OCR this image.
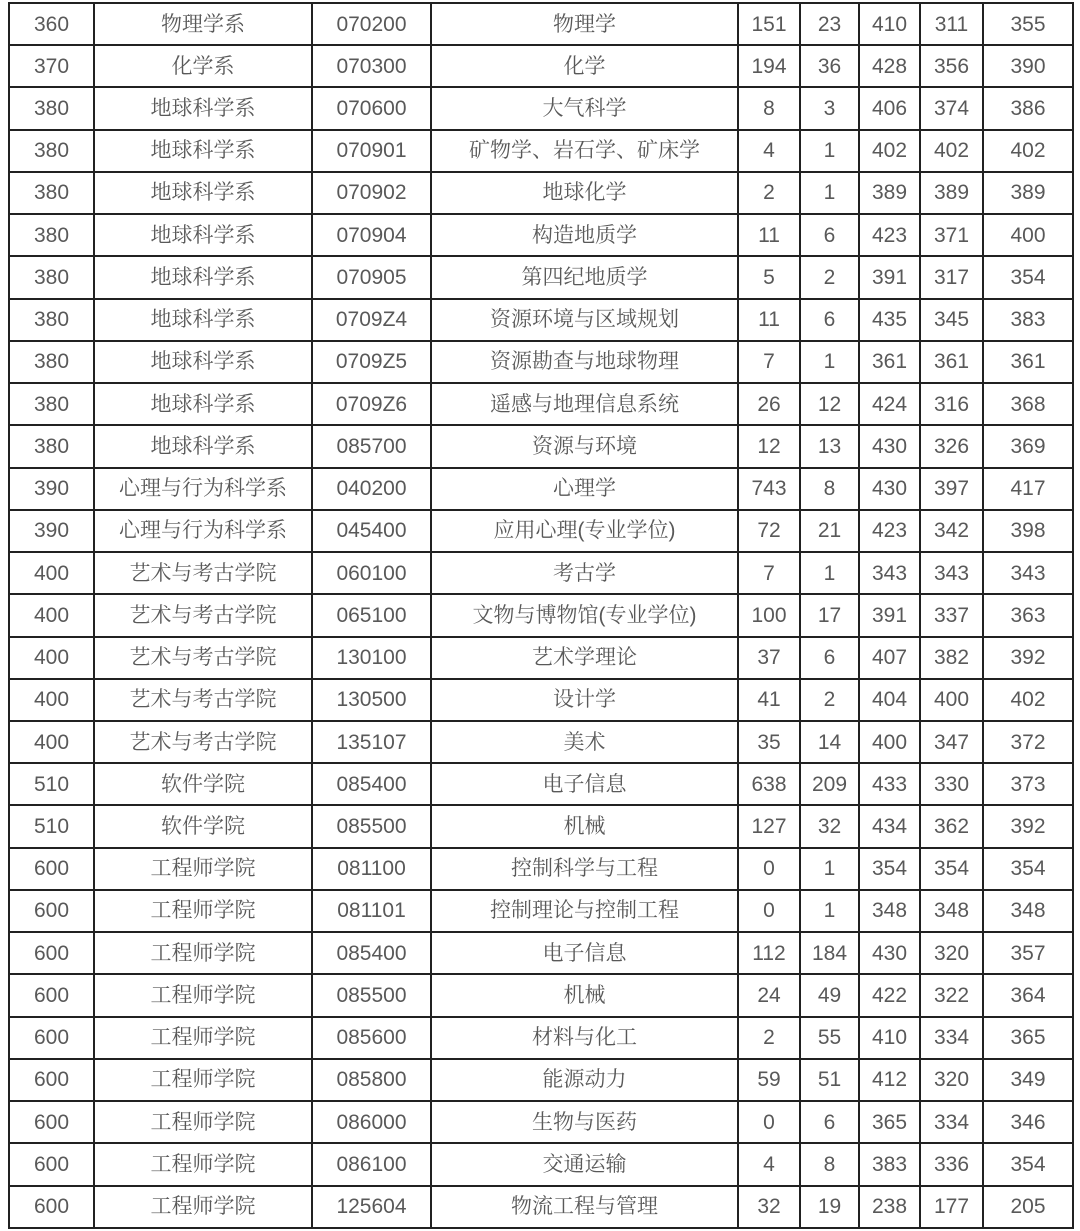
360	物理学系	070200	物理学	151	23	410	311	355
370	化学系	070300	化学	194	36	428	356	390
380	地球科学系	070600	大气科学	8	3	406	374	386
380	地球科学系	070901	矿物学、岩石学、矿床学	4	1	402	402	402
380	地球科学系	070902	地球化学	2	1	389	389	389
380	地球科学系	070904	构造地质学	11	6	423	371	400
380	地球科学系	070905	第四纪地质学	5	2	391	317	354
380	地球科学系	0709Z4	资源环境与区域规划	11	6	435	345	383
380	地球科学系	0709Z5	资源勘查与地球物理	7	1	361	361	361
380	地球科学系	0709Z6	遥感与地理信息系统	26	12	424	316	368
380	地球科学系	085700	资源与环境	12	13	430	326	369
390	心理与行为科学系	040200	心理学	743	8	430	397	417
390	心理与行为科学系	045400	应用心理(专业学位)	72	21	423	342	398
400	艺术与考古学院	060100	考古学	7	1	343	343	343
400	艺术与考古学院	065100	文物与博物馆(专业学位)	100	17	391	337	363
400	艺术与考古学院	130100	艺术学理论	37	6	407	382	392
400	艺术与考古学院	130500	设计学	41	2	404	400	402
400	艺术与考古学院	135107	美术	35	14	400	347	372
510	软件学院	085400	电子信息	638	209	433	330	373
510	软件学院	085500	机械	127	32	434	362	392
600	工程师学院	081100	控制科学与工程	0	1	354	354	354
600	工程师学院	081101	控制理论与控制工程	0	1	348	348	348
600	工程师学院	085400	电子信息	112	184	430	320	357
600	工程师学院	085500	机械	24	49	422	322	364
600	工程师学院	085600	材料与化工	2	55	410	334	365
600	工程师学院	085800	能源动力	59	51	412	320	349
600	工程师学院	086000	生物与医药	0	6	365	334	346
600	工程师学院	086100	交通运输	4	8	383	336	354
600	工程师学院	125604	物流工程与管理	32	19	238	177	205
